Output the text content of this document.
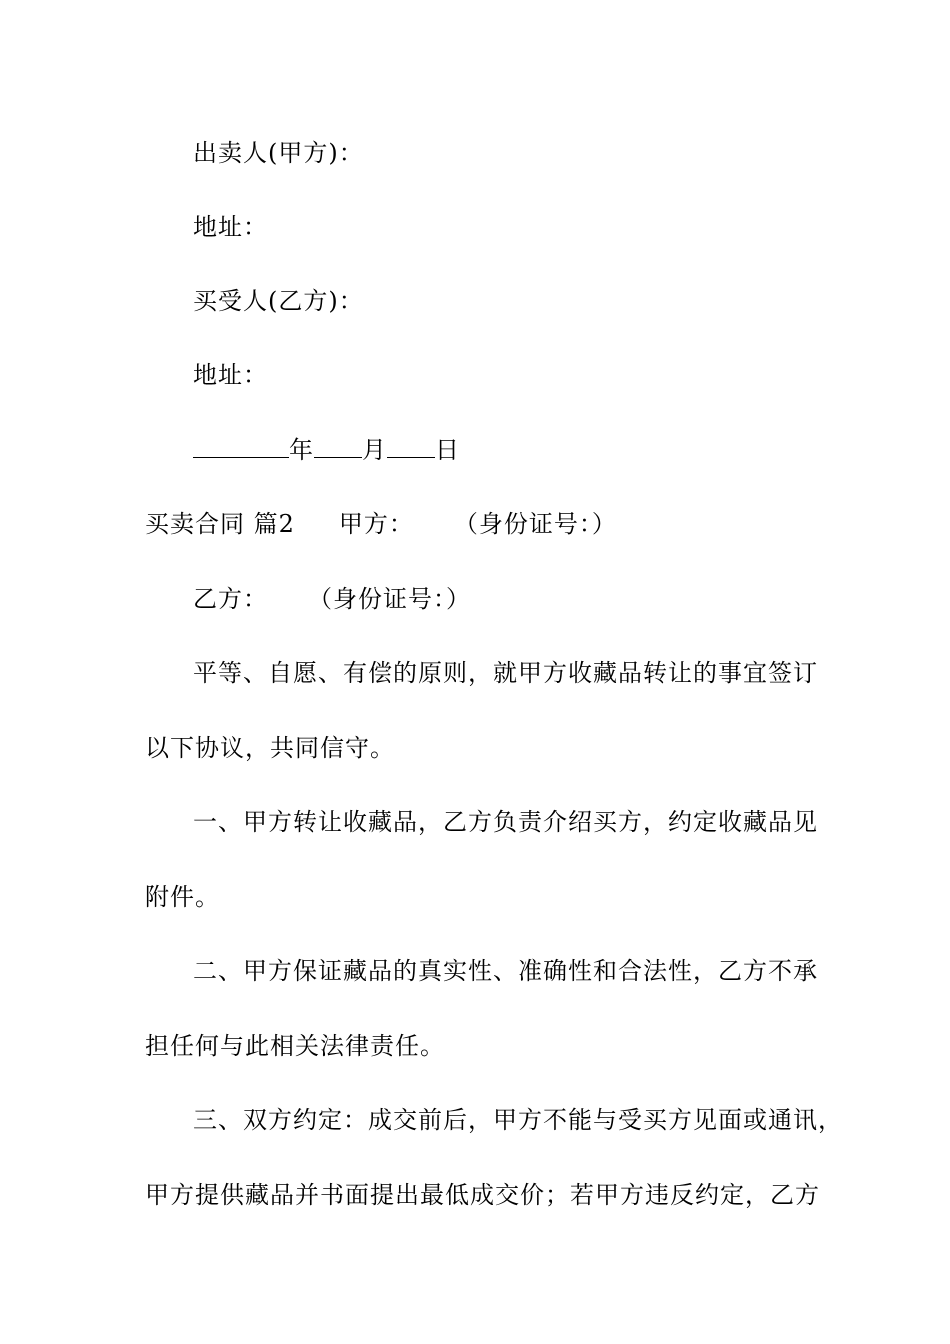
出卖人(甲方)：
地址：
买受人(乙方)：
地址：
年 月 日
买卖合同 篇2 甲方： （身份证号：）
乙方： （身份证号：）
平等、自愿、有偿的原则，就甲方收藏品转让的事宜签订
以下协议，共同信守。
一、甲方转让收藏品，乙方负责介绍买方，约定收藏品见
附件。
二、甲方保证藏品的真实性、准确性和合法性，乙方不承
担任何与此相关法律责任。
三、双方约定：成交前后，甲方不能与受买方见面或通讯，
甲方提供藏品并书面提出最低成交价；若甲方违反约定，乙方
